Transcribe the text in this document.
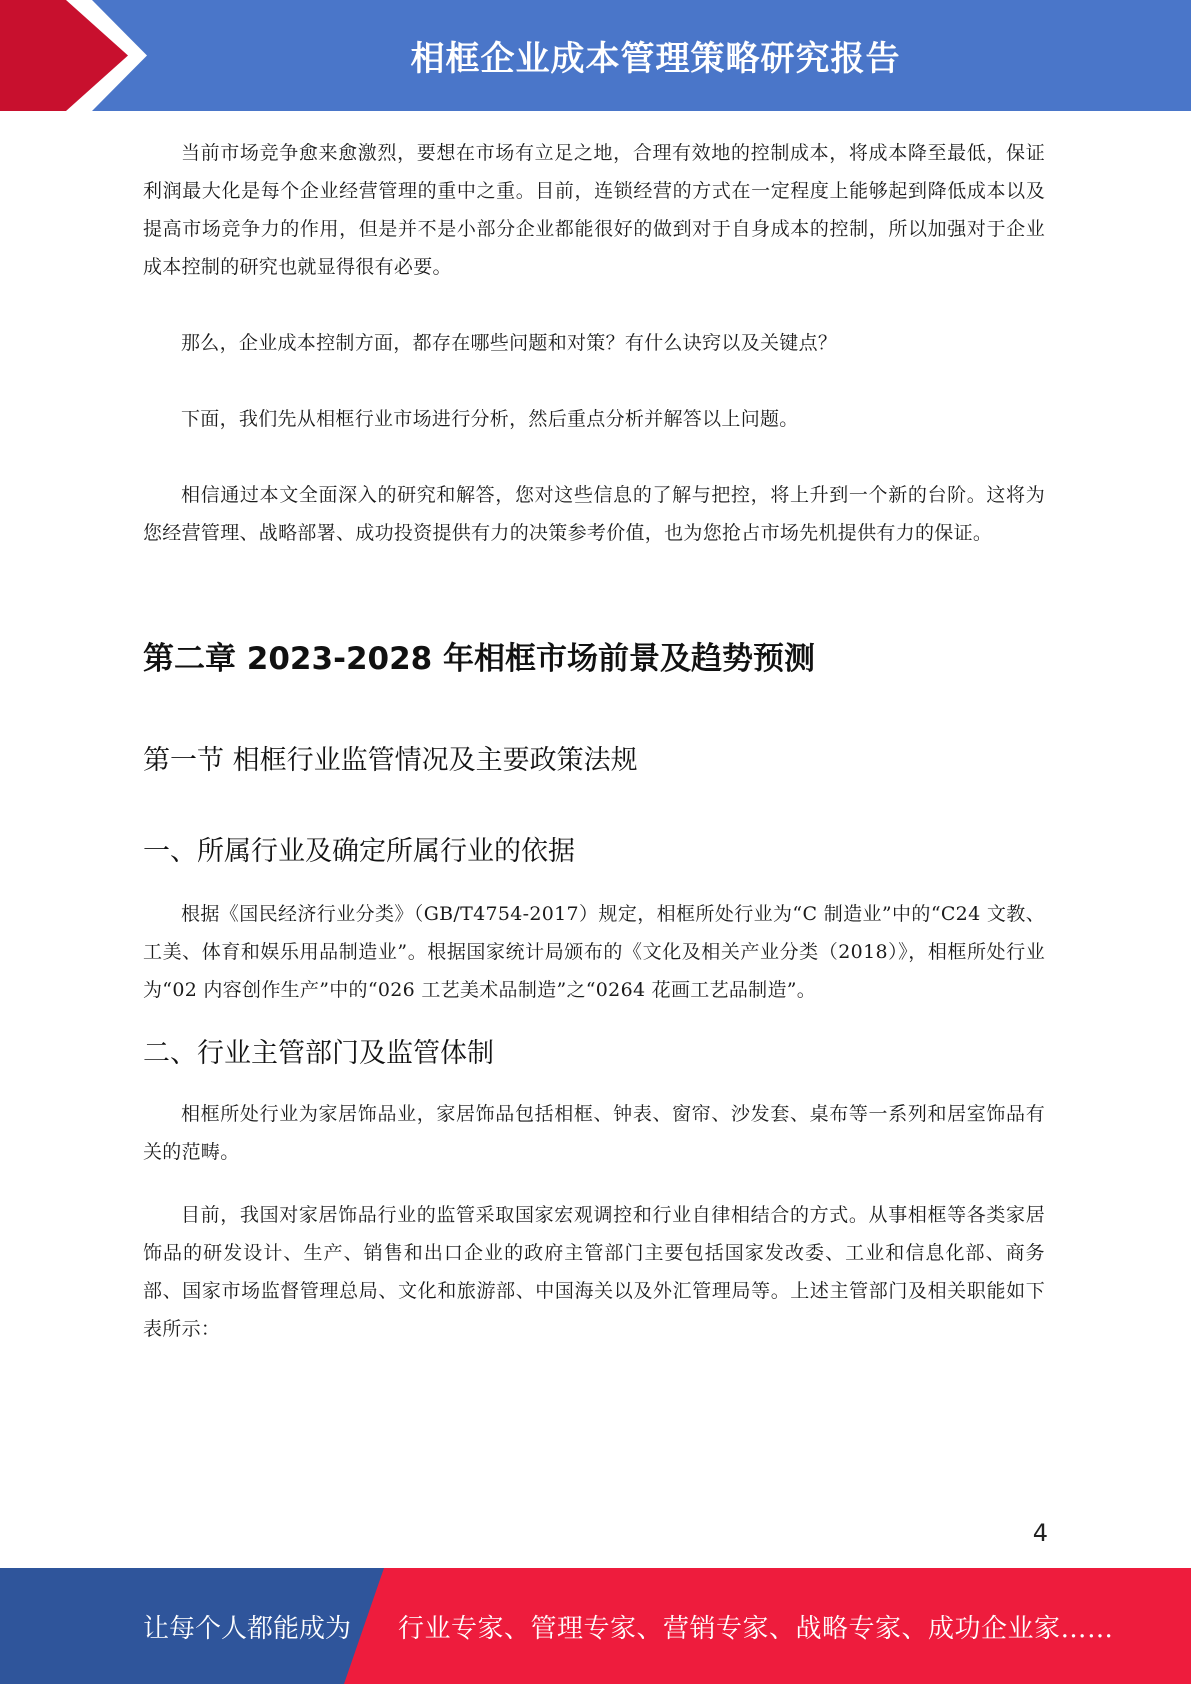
相框企业成本管理策略研究报告

当前市场竞争愈来愈激烈，要想在市场有立足之地，合理有效地的控制成本，将成本降至最低，保证利润最大化是每个企业经营管理的重中之重。目前，连锁经营的方式在一定程度上能够起到降低成本以及提高市场竞争力的作用，但是并不是小部分企业都能很好的做到对于自身成本的控制，所以加强对于企业成本控制的研究也就显得很有必要。

那么，企业成本控制方面，都存在哪些问题和对策？有什么诀窍以及关键点？

下面，我们先从相框行业市场进行分析，然后重点分析并解答以上问题。

相信通过本文全面深入的研究和解答，您对这些信息的了解与把控，将上升到一个新的台阶。这将为您经营管理、战略部署、成功投资提供有力的决策参考价值，也为您抢占市场先机提供有力的保证。

第二章 2023-2028 年相框市场前景及趋势预测
第一节 相框行业监管情况及主要政策法规
一、所属行业及确定所属行业的依据

根据《国民经济行业分类》（GB/T4754-2017）规定，相框所处行业为“C 制造业”中的“C24 文教、工美、体育和娱乐用品制造业”。根据国家统计局颁布的《文化及相关产业分类（2018）》，相框所处行业为“02 内容创作生产”中的“026 工艺美术品制造”之“0264 花画工艺品制造”。

二、行业主管部门及监管体制

相框所处行业为家居饰品业，家居饰品包括相框、钟表、窗帘、沙发套、桌布等一系列和居室饰品有关的范畴。

目前，我国对家居饰品行业的监管采取国家宏观调控和行业自律相结合的方式。从事相框等各类家居饰品的研发设计、生产、销售和出口企业的政府主管部门主要包括国家发改委、工业和信息化部、商务部、国家市场监督管理总局、文化和旅游部、中国海关以及外汇管理局等。上述主管部门及相关职能如下表所示：

4
让每个人都能成为 行业专家、管理专家、营销专家、战略专家、成功企业家……
